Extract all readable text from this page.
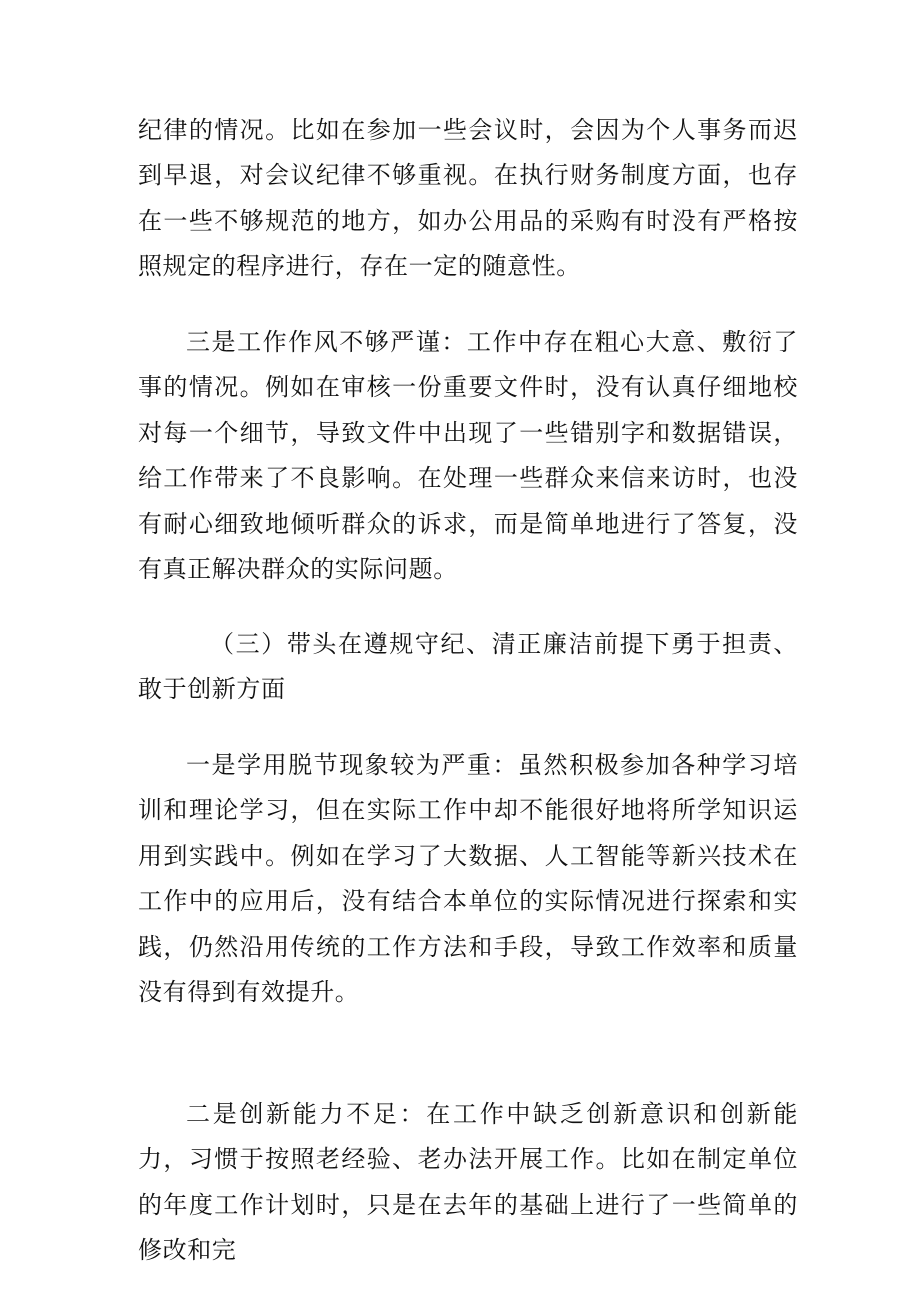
纪律的情况。比如在参加一些会议时，会因为个人事务而迟到早退，对会议纪律不够重视。在执行财务制度方面，也存在一些不够规范的地方，如办公用品的采购有时没有严格按照规定的程序进行，存在一定的随意性。

三是工作作风不够严谨：工作中存在粗心大意、敷衍了事的情况。例如在审核一份重要文件时，没有认真仔细地校对每一个细节，导致文件中出现了一些错别字和数据错误，给工作带来了不良影响。在处理一些群众来信来访时，也没有耐心细致地倾听群众的诉求，而是简单地进行了答复，没有真正解决群众的实际问题。

（三）带头在遵规守纪、清正廉洁前提下勇于担责、敢于创新方面

一是学用脱节现象较为严重：虽然积极参加各种学习培训和理论学习，但在实际工作中却不能很好地将所学知识运用到实践中。例如在学习了大数据、人工智能等新兴技术在工作中的应用后，没有结合本单位的实际情况进行探索和实践，仍然沿用传统的工作方法和手段，导致工作效率和质量没有得到有效提升。

二是创新能力不足：在工作中缺乏创新意识和创新能力，习惯于按照老经验、老办法开展工作。比如在制定单位的年度工作计划时，只是在去年的基础上进行了一些简单的修改和完
